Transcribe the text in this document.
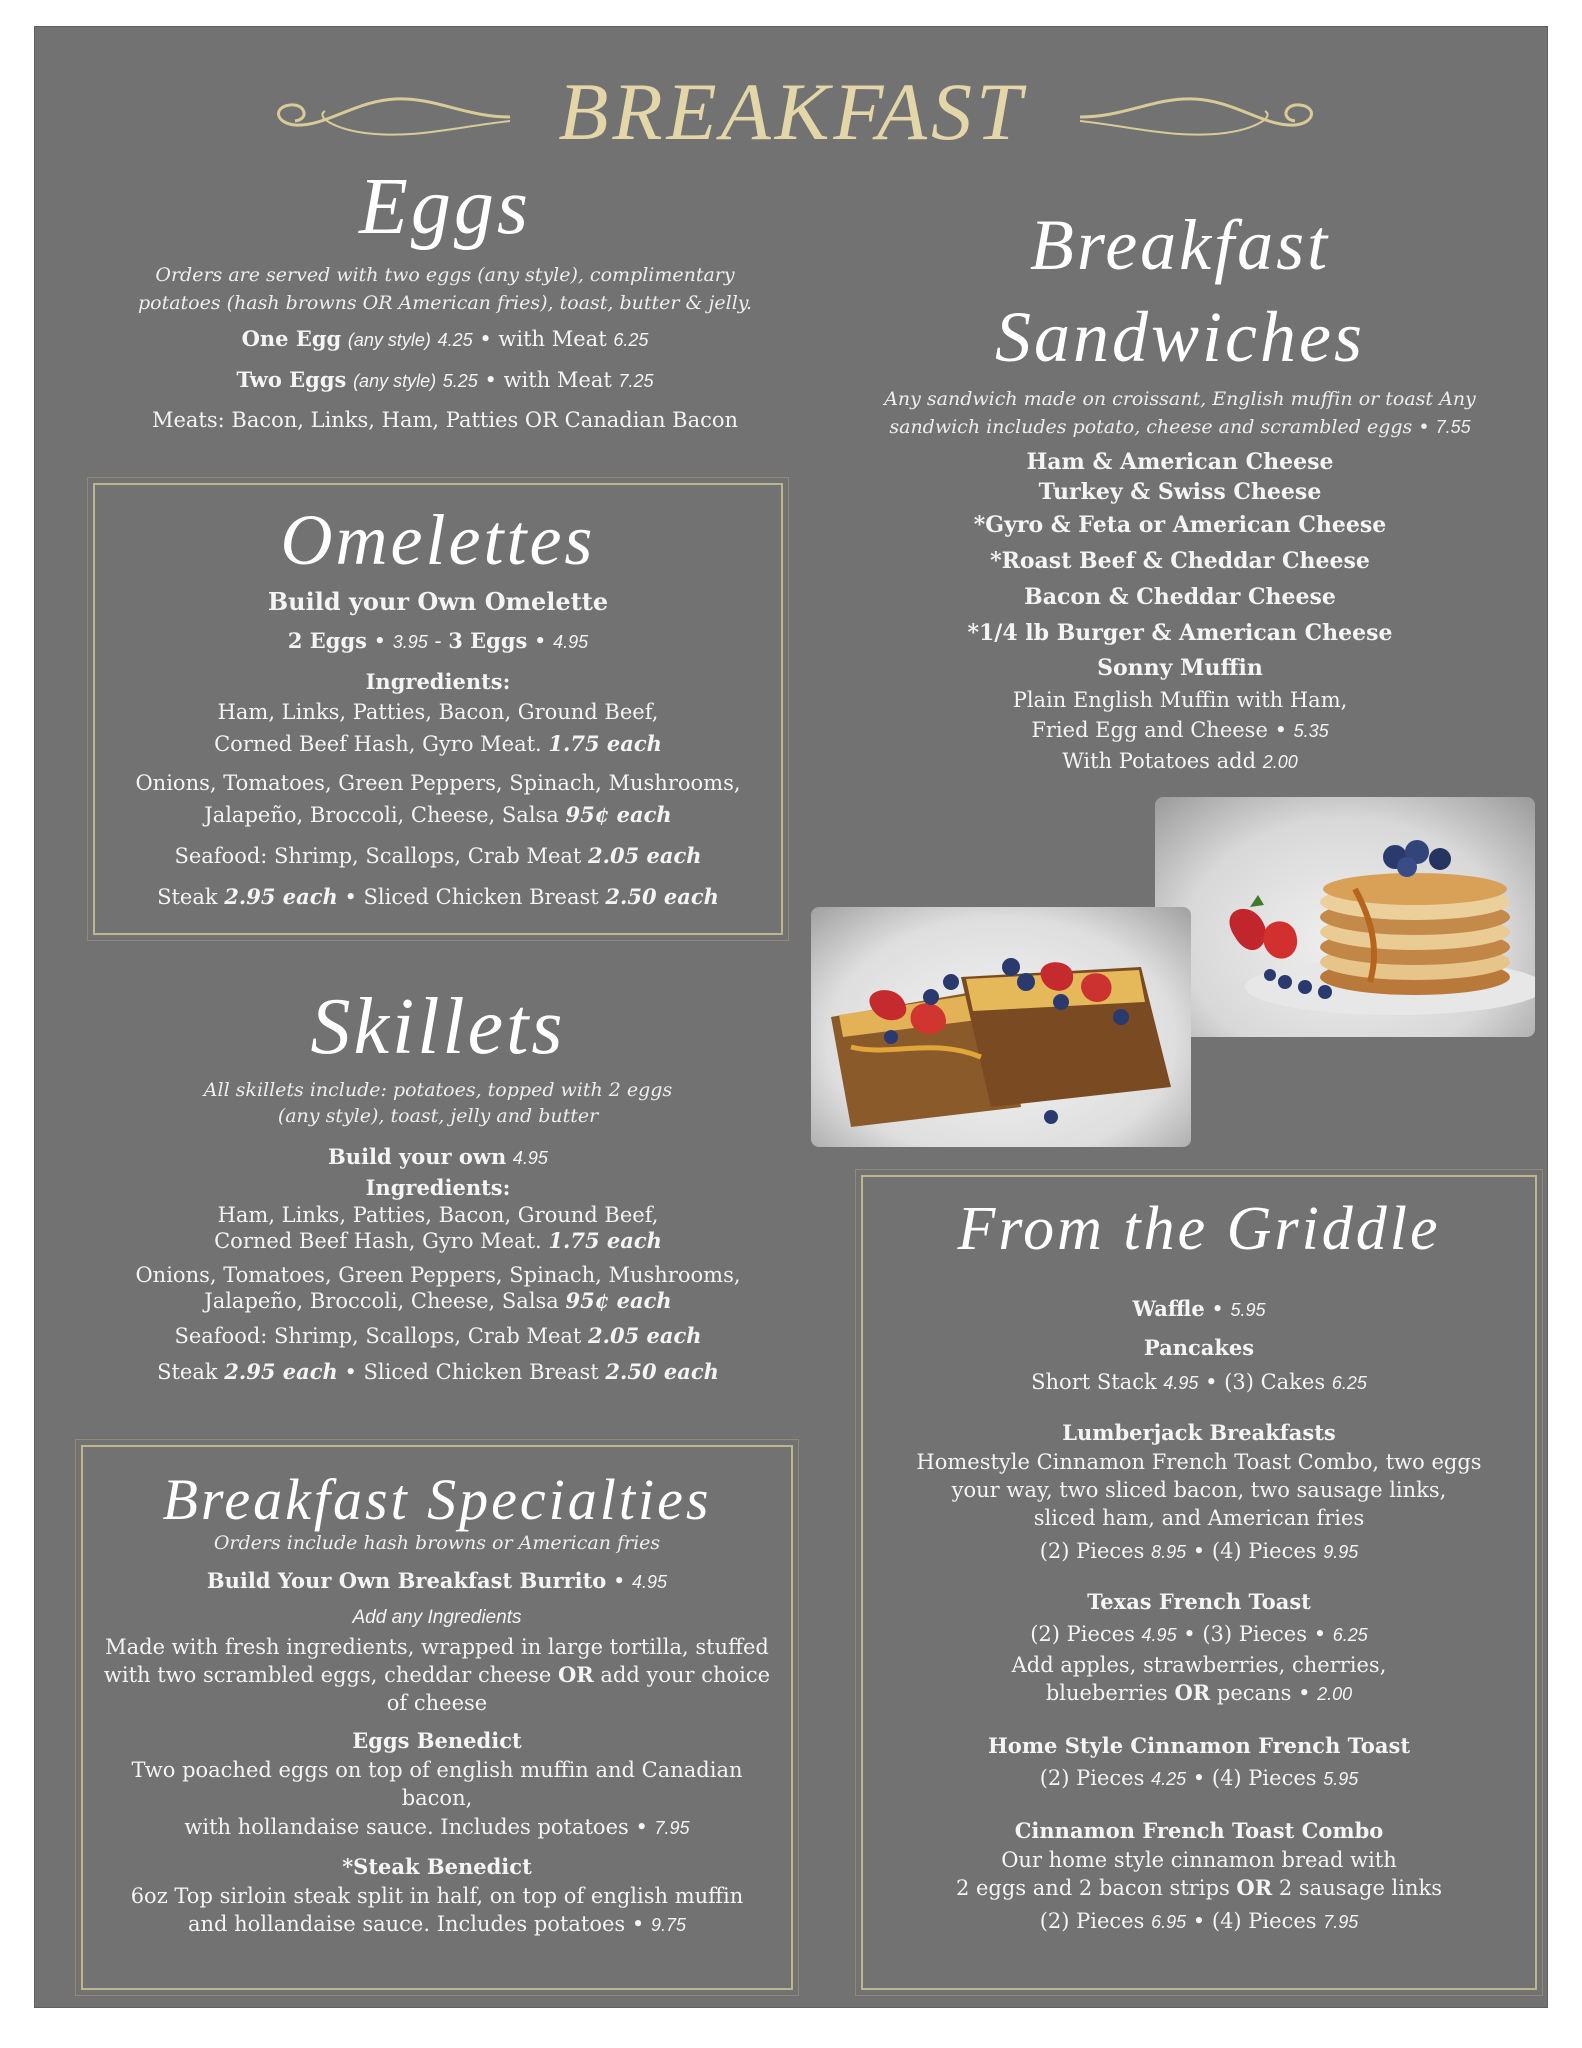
BREAKFAST
Eggs
Orders are served with two eggs (any style), complimentary
potatoes (hash browns OR American fries), toast, butter & jelly.
One Egg (any style) 4.25 • with Meat 6.25
Two Eggs (any style) 5.25 • with Meat 7.25
Meats: Bacon, Links, Ham, Patties OR Canadian Bacon
Omelettes
Build your Own Omelette
2 Eggs • 3.95 - 3 Eggs • 4.95
Ingredients:
Ham, Links, Patties, Bacon, Ground Beef,
Corned Beef Hash, Gyro Meat. 1.75 each
Onions, Tomatoes, Green Peppers, Spinach, Mushrooms,
Jalapeño, Broccoli, Cheese, Salsa 95¢ each
Seafood: Shrimp, Scallops, Crab Meat 2.05 each
Steak 2.95 each • Sliced Chicken Breast 2.50 each
Skillets
All skillets include: potatoes, topped with 2 eggs
(any style), toast, jelly and butter
Build your own 4.95
Ingredients:
Ham, Links, Patties, Bacon, Ground Beef,
Corned Beef Hash, Gyro Meat. 1.75 each
Onions, Tomatoes, Green Peppers, Spinach, Mushrooms,
Jalapeño, Broccoli, Cheese, Salsa 95¢ each
Seafood: Shrimp, Scallops, Crab Meat 2.05 each
Steak 2.95 each • Sliced Chicken Breast 2.50 each
Breakfast Specialties
Orders include hash browns or American fries
Build Your Own Breakfast Burrito • 4.95
Add any Ingredients
Made with fresh ingredients, wrapped in large tortilla, stuffed
with two scrambled eggs, cheddar cheese OR add your choice
of cheese
Eggs Benedict
Two poached eggs on top of english muffin and Canadian
bacon,
with hollandaise sauce. Includes potatoes • 7.95
*Steak Benedict
6oz Top sirloin steak split in half, on top of english muffin
and hollandaise sauce. Includes potatoes • 9.75
Breakfast
Sandwiches
Any sandwich made on croissant, English muffin or toast Any
sandwich includes potato, cheese and scrambled eggs • 7.55
Ham & American Cheese
Turkey & Swiss Cheese
*Gyro & Feta or American Cheese
*Roast Beef & Cheddar Cheese
Bacon & Cheddar Cheese
*1/4 lb Burger & American Cheese
Sonny Muffin
Plain English Muffin with Ham,
Fried Egg and Cheese • 5.35
With Potatoes add 2.00
From the Griddle
Waffle • 5.95
Pancakes
Short Stack 4.95 • (3) Cakes 6.25
Lumberjack Breakfasts
Homestyle Cinnamon French Toast Combo, two eggs
your way, two sliced bacon, two sausage links,
sliced ham, and American fries
(2) Pieces 8.95 • (4) Pieces 9.95
Texas French Toast
(2) Pieces 4.95 • (3) Pieces • 6.25
Add apples, strawberries, cherries,
blueberries OR pecans • 2.00
Home Style Cinnamon French Toast
(2) Pieces 4.25 • (4) Pieces 5.95
Cinnamon French Toast Combo
Our home style cinnamon bread with
2 eggs and 2 bacon strips OR 2 sausage links
(2) Pieces 6.95 • (4) Pieces 7.95
